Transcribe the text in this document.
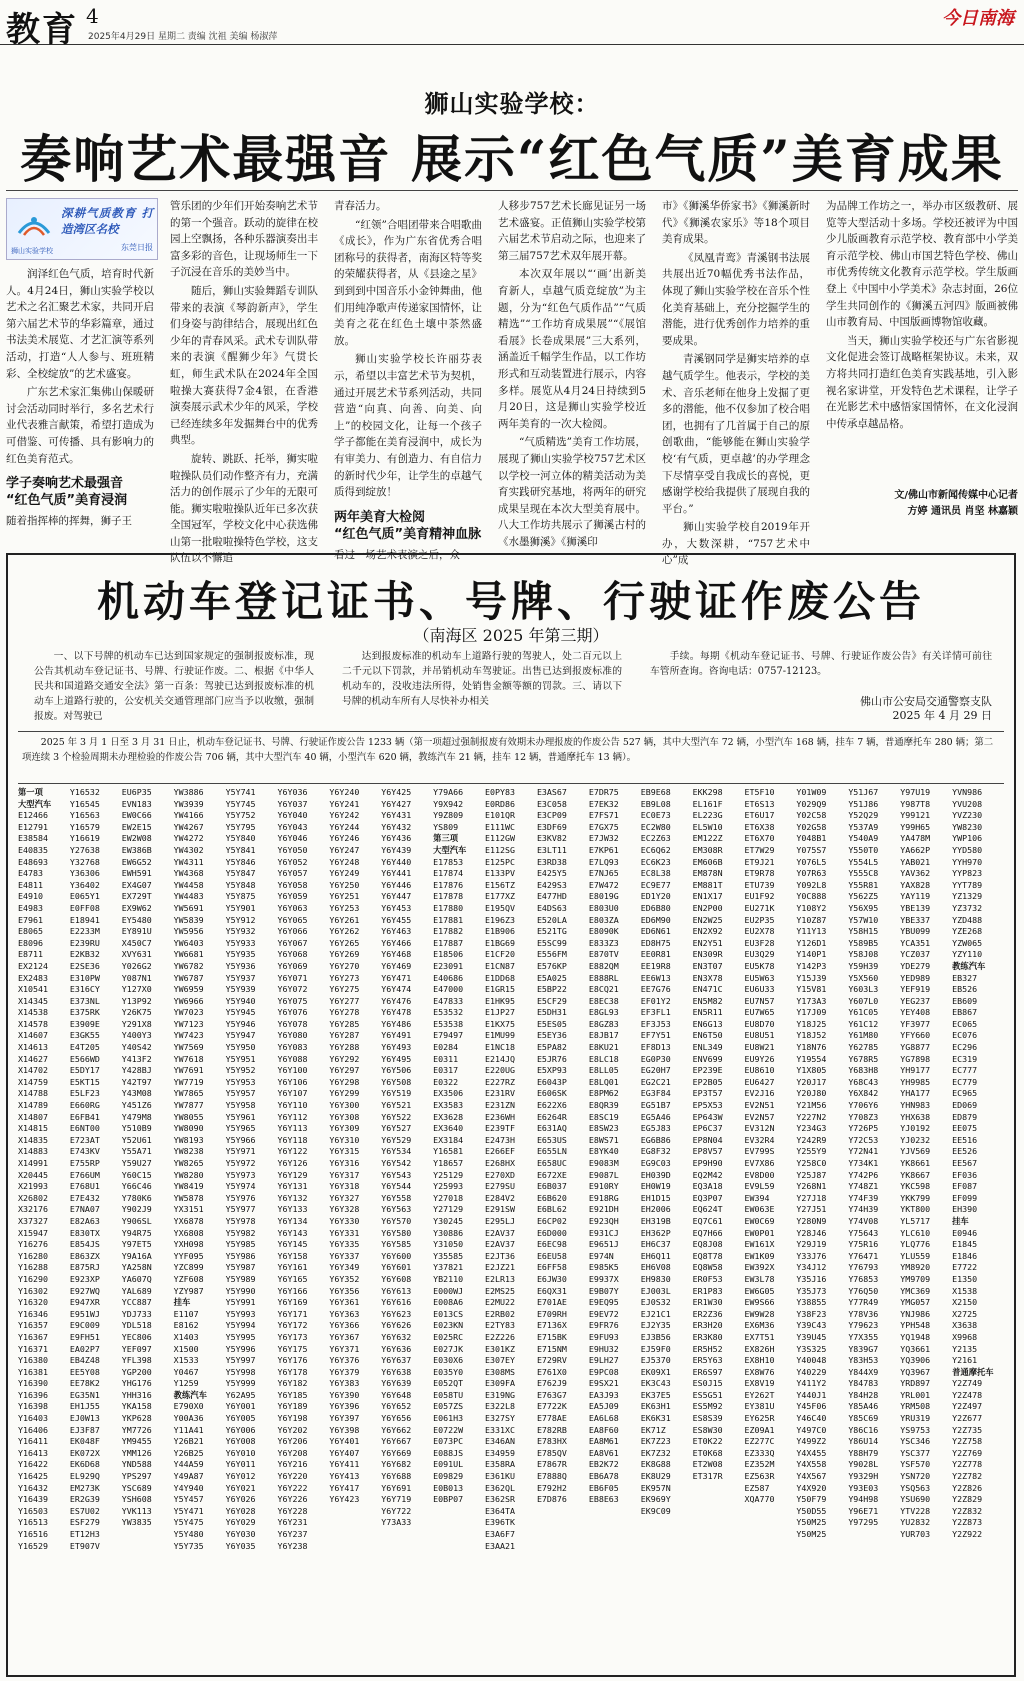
教育 4
2025年4月29日 星期二 责编 沈祖 美编 杨淑萍
今日南海
狮山实验学校：
奏响艺术最强音 展示“红色气质”美育成果
狮山实验学校
深耕气质教育 打造湾区名校
东莞日报

润泽红色气质，培育时代新人。4月24日，狮山实验学校以艺术之名汇聚艺术家，共同开启第六届艺术节的华彩篇章，通过书法美术展览、才艺汇演等系列活动，打造“人人参与、班班精彩、全校绽放”的艺术盛宴。

广东艺术家汇集佛山保暖研讨会活动同时举行，多名艺术行业代表雅言献策，希望打造成为可借鉴、可传播、具有影响力的红色美育范式。

学子奏响艺术最强音
“红色气质”美育浸润

随着指挥棒的挥舞，狮子王

管乐团的少年们开始奏响艺术节的第一个强音。跃动的旋律在校园上空飘扬，各种乐器演奏出丰富多彩的音色，让现场师生一下子沉浸在音乐的美妙当中。

随后，狮山实验舞蹈专训队带来的表演《琴韵新声》，学生们身姿与韵律结合，展现出红色少年的青春风采。武术专训队带来的表演《醒狮少年》气贯长虹，师生武术队在2024年全国啦操大赛获得7金4银，在香港演奏展示武术少年的风采，学校已经连续多年发掘舞台中的优秀典型。

旋转、跳跃、托举，狮实啦啦操队员们动作整齐有力，充满活力的创作展示了少年的无限可能。狮实啦啦操队近年已多次获全国冠军，学校文化中心获选佛山第一批啦啦操特色学校，这支队伍以不懈追

青春活力。

“红领”合唱团带来合唱歌曲《成长》，作为广东省优秀合唱团称号的获得者，南海区特等奖的荣耀获得者，从《县途之星》到到到中国音乐小金钟舞曲，他们用纯净歌声传递家国情怀，让美育之花在红色土壤中茶然盛放。

狮山实验学校长许丽芬表示，希望以丰富艺术节为契机，通过开展艺术节系列活动，共同营造“向真、向善、向美、向上”的校园文化，让每一个孩子学子都能在美育浸润中，成长为有审美力、有创造力、有自信力的新时代少年，让学生的卓越气质得到绽放！

两年美育大检阅
“红色气质”美育精神血脉

看过一场艺术表演之后，众

人移步757艺术长廊见证另一场艺术盛宴。正值狮山实验学校第六届艺术节启动之际，也迎来了第三届757艺术双年展开幕。

本次双年展以“‘画’出新美育新人，卓越气质竞绽放”为主题，分为“红色气质作品”“气质精选”“工作坊育成果展”“《展馆看展》长卷成果展”三大系列，涵盖近千幅学生作品，以工作坊形式和互动装置进行展示，内容多样。展览从4月24日持续到5月20日，这是狮山实验学校近两年美育的一次大检阅。

“气质精选”美育工作坊展，展现了狮山实验学校757艺术区以学校一河立体的精美活动为美育实践研究基地，将两年的研究成果呈现在本次大型美育展中。八大工作坊共展示了狮溪古村的《水墨狮溪》《狮溪印

市》《狮溪华侨家书》《狮溪新时代》《狮溪农家乐》等18个项目美育成果。

《凤凰青鸾》青溪钢书法展共展出近70幅优秀书法作品，体现了狮山实验学校在音乐个性化美育基础上，充分挖掘学生的潜能，进行优秀创作力培养的重要成果。

青溪钢同学是狮实培养的卓越气质学生。他表示，学校的美术、音乐老师在他身上发掘了更多的潜能，他不仅参加了校合唱团，也拥有了几首属于自己的原创歌曲，“能够能在狮山实验学校‘有气质，更卓越’的办学理念下尽情享受自我成长的喜悦，更感谢学校给我提供了展现自我的平台。”

狮山实验学校自2019年开办，大数深耕，“757艺术中心”成

为品牌工作坊之一，举办市区级教研、展览等大型活动十多场。学校还被评为中国少儿版画教育示范学校、教育部中小学美育示范学校、佛山市国艺特色学校、佛山市优秀传统文化教育示范学校。学生版画登上《中国中小学美术》杂志封面，26位学生共同创作的《狮溪五河四》版画被佛山市教育局、中国版画博物馆收藏。

当天，狮山实验学校还与广东省影视文化促进会签订战略框架协议。未来，双方将共同打造红色美育实践基地，引入影视名家讲堂，开发特色艺术课程，让学子在光影艺术中感悟家国情怀，在文化浸润中传承卓越品格。

文/佛山市新闻传媒中心记者
方婷 通讯员 肖坚 林嘉颖
机动车登记证书、号牌、行驶证作废公告
（南海区 2025 年第三期）

一、以下号牌的机动车已达到国家规定的强制报废标准，现公告其机动车登记证书、号牌、行驶证作废。二、根据《中华人民共和国道路交通安全法》第一百条：驾驶已达到报废标准的机动车上道路行驶的，公安机关交通管理部门应当予以收缴，强制报废。对驾驶已

达到报废标准的机动车上道路行驶的驾驶人，处二百元以上二千元以下罚款，并吊销机动车驾驶证。出售已达到报废标准的机动车的，没收违法所得，处销售金额等额的罚款。三、请以下号牌的机动车所有人尽快补办相关

手续。每期《机动车登记证书、号牌、行驶证作废公告》有关详情可前往车管所查询。咨询电话：0757-12123。

佛山市公安局交通警察支队
2025 年 4 月 29 日
2025 年 3 月 1 日至 3 月 31 日止，机动车登记证书、号牌、行驶证作废公告 1233 辆（第一项超过强制报废有效期未办理报废的作废公告 527 辆，其中大型汽车 72 辆，小型汽车 168 辆，挂车 7 辆，普通摩托车 280 辆；第二项连续 3 个检验周期未办理检验的作废公告 706 辆，其中大型汽车 40 辆，小型汽车 620 辆，教练汽车 21 辆，挂车 12 辆，普通摩托车 13 辆）。
第一项
大型汽车
E12466
E12791
E38584
E40835
E48693
E4783
E4811
E4910
E4983
E7961
E8065
E8096
E8711
EX2124
EX2483
X10541
X14345
X14538
X14578
X14607
X14613
X14627
X14702
X14759
X14788
X14789
X14807
X14815
X14835
X14883
X14991
X20445
X21993
X26802
X32176
X37327
X15947
Y16276
Y16280
Y16288
Y16290
Y16302
Y16320
Y16346
Y16357
Y16367
Y16371
Y16380
Y16381
Y16390
Y16396
Y16398
Y16403
Y16406
Y16411
Y16413
Y16422
Y16425
Y16432
Y16439
Y16503
Y16513
Y16516
Y16529
Y16532
Y16545
Y16563
Y16579
Y16619
Y27638
Y32768
Y36306
Y36402
E065Y1
E0FF08
E18941
E2233M
E239RU
E2KB32
E2SE36
E310PW
E316CY
E373NL
E375RK
E3909E
E3GK55
E4T205
E566WD
E5DY17
E5KT15
E5LF23
E660RG
E6FB41
E6NT00
E723AT
E743KV
E755RP
E766UM
E768U1
E7E432
E7NA07
E82A63
E830TX
E854JS
E863ZX
E875RJ
E923XP
E927WQ
E947XR
E951WJ
E9C009
E9FH51
EA02P7
EB4Z48
EE5Y08
EE78K2
EG35N1
EH1J55
EJ0W13
EJ3F87
EK048F
EK072X
EK6D68
EL929Q
EM273K
ER2G39
ES7U02
ESF279
ET12H3
ET907V
EU6P35
EVN183
EW0C66
EW2E15
EW2W08
EW386B
EW6G52
EWH591
EX4G07
EX729T
EX9W62
EY5480
EY891U
X450C7
XVY631
Y026G2
Y087N1
Y127X0
Y13P92
Y26K75
Y291X8
Y400Y3
Y40S42
Y413F2
Y428BJ
Y42T97
Y43M08
Y451Z6
Y479M8
Y510B9
Y52U61
Y55A71
Y59U27
Y60C15
Y66C46
Y780K6
Y902J9
Y906SL
Y94R75
Y97ET5
Y9A16A
YA258N
YA607Q
YAL689
YCC887
YDJ733
YDL518
YEC806
YEF097
YFL398
YGP200
YHG176
YHH316
YKA158
YKP628
YM7726
YM9455
YMM126
YND588
YPS297
YSC689
YSH608
YVK113
YW3835
YW3886
YW3939
YW4166
YW4267
YW4272
YW4302
YW4311
YW4368
YW4458
YW4483
YW5691
YW5839
YW5956
YW6403
YW6681
YW6782
YW6787
YW6959
YW6966
YW7023
YW7123
YW7423
YW7569
YW7618
YW7691
YW7719
YW7865
YW7877
YW8055
YW8090
YW8193
YW8238
YW8265
YW8280
YW8419
YW5878
YX3151
YX6878
YX6808
YXH098
YYF095
YZC899
YZF608
YZY987
挂车
E1107
E8162
X1403
X1500
X1533
Y0467
Y1259
教练汽车
E790X0
Y00A36
Y11A41
Y26B21
Y26B25
Y44A59
Y49A87
Y4Y940
Y5Y457
Y5Y471
Y5Y475
Y5Y480
Y5Y735
Y5Y741
Y5Y745
Y5Y752
Y5Y795
Y5Y840
Y5Y841
Y5Y846
Y5Y847
Y5Y848
Y5Y875
Y5Y901
Y5Y912
Y5Y932
Y5Y933
Y5Y935
Y5Y936
Y5Y937
Y5Y939
Y5Y940
Y5Y945
Y5Y946
Y5Y947
Y5Y950
Y5Y951
Y5Y952
Y5Y953
Y5Y957
Y5Y958
Y5Y961
Y5Y965
Y5Y966
Y5Y971
Y5Y972
Y5Y973
Y5Y974
Y5Y976
Y5Y977
Y5Y978
Y5Y982
Y5Y985
Y5Y986
Y5Y987
Y5Y989
Y5Y990
Y5Y991
Y5Y993
Y5Y994
Y5Y995
Y5Y996
Y5Y997
Y5Y998
Y5Y999
Y62A95
Y6Y001
Y6Y005
Y6Y006
Y6Y008
Y6Y010
Y6Y011
Y6Y012
Y6Y021
Y6Y026
Y6Y028
Y6Y029
Y6Y030
Y6Y035
Y6Y036
Y6Y037
Y6Y040
Y6Y043
Y6Y046
Y6Y050
Y6Y052
Y6Y057
Y6Y058
Y6Y059
Y6Y063
Y6Y065
Y6Y066
Y6Y067
Y6Y068
Y6Y069
Y6Y071
Y6Y072
Y6Y075
Y6Y076
Y6Y078
Y6Y080
Y6Y083
Y6Y088
Y6Y100
Y6Y106
Y6Y107
Y6Y110
Y6Y112
Y6Y113
Y6Y118
Y6Y122
Y6Y126
Y6Y129
Y6Y131
Y6Y132
Y6Y133
Y6Y134
Y6Y143
Y6Y145
Y6Y158
Y6Y161
Y6Y165
Y6Y166
Y6Y169
Y6Y171
Y6Y172
Y6Y173
Y6Y175
Y6Y176
Y6Y178
Y6Y182
Y6Y185
Y6Y189
Y6Y198
Y6Y202
Y6Y206
Y6Y208
Y6Y216
Y6Y220
Y6Y222
Y6Y226
Y6Y228
Y6Y231
Y6Y237
Y6Y238
Y6Y240
Y6Y241
Y6Y242
Y6Y244
Y6Y246
Y6Y247
Y6Y248
Y6Y249
Y6Y250
Y6Y251
Y6Y253
Y6Y261
Y6Y262
Y6Y265
Y6Y269
Y6Y270
Y6Y273
Y6Y275
Y6Y277
Y6Y278
Y6Y285
Y6Y287
Y6Y288
Y6Y292
Y6Y297
Y6Y298
Y6Y299
Y6Y300
Y6Y308
Y6Y309
Y6Y310
Y6Y315
Y6Y316
Y6Y317
Y6Y318
Y6Y327
Y6Y328
Y6Y330
Y6Y331
Y6Y335
Y6Y337
Y6Y349
Y6Y352
Y6Y356
Y6Y361
Y6Y363
Y6Y366
Y6Y367
Y6Y371
Y6Y376
Y6Y379
Y6Y383
Y6Y390
Y6Y396
Y6Y397
Y6Y398
Y6Y401
Y6Y407
Y6Y411
Y6Y413
Y6Y417
Y6Y423
Y6Y425
Y6Y427
Y6Y431
Y6Y432
Y6Y436
Y6Y439
Y6Y440
Y6Y441
Y6Y446
Y6Y447
Y6Y453
Y6Y455
Y6Y463
Y6Y466
Y6Y468
Y6Y469
Y6Y471
Y6Y474
Y6Y476
Y6Y478
Y6Y486
Y6Y491
Y6Y493
Y6Y495
Y6Y506
Y6Y508
Y6Y519
Y6Y521
Y6Y522
Y6Y527
Y6Y529
Y6Y534
Y6Y542
Y6Y543
Y6Y544
Y6Y558
Y6Y563
Y6Y570
Y6Y580
Y6Y585
Y6Y600
Y6Y601
Y6Y608
Y6Y613
Y6Y616
Y6Y623
Y6Y626
Y6Y632
Y6Y636
Y6Y637
Y6Y638
Y6Y639
Y6Y648
Y6Y652
Y6Y656
Y6Y662
Y6Y667
Y6Y669
Y6Y682
Y6Y688
Y6Y691
Y6Y719
Y6Y722
Y73A33
Y79A66
Y9X942
Y9Z809
YS809
第三项
大型汽车
E17853
E17874
E17876
E17878
E17880
E17881
E17882
E17887
E18506
E23091
E40686
E47000
E47833
E53532
E53538
E79497
E0284
E0311
E0317
E0322
EX3506
EX3583
EX3628
EX3640
EX3184
Y16581
Y18657
Y25129
Y25993
Y27018
Y27129
Y30245
Y30886
Y31050
Y35585
Y37821
YB2110
E000WJ
E008A6
E013CS
E023KN
E025RC
E027JK
E030X6
E035Y0
E052QT
E058TU
E057ZS
E061H3
E0722W
E073PC
E088JS
E091UL
E09829
E0B013
E0BP07
E0PY83
E0RD86
E101QR
E111WC
E112GW
E112SG
E125PC
E133PV
E156TZ
E177XZ
E195QV
E196Z3
E1B906
E1BG69
E1CF20
E1CN87
E1DD68
E1GR15
E1HK95
E1JP27
E1KX75
E1MU99
E1NC18
E214JQ
E220UG
E227RZ
E231RV
E231ZN
E236WH
E239TF
E2473H
E266EF
E268HX
E270XD
E279SU
E284V2
E291SW
E295LJ
E2AV37
E2AV37
E2JT36
E2JZ21
E2LR13
E2MS25
E2MU22
E2RB02
E2TY83
E2Z226
E301KZ
E307EY
E308MS
E309FA
E319NG
E322L8
E327SY
E331XC
E346AN
E34959
E358RA
E361KU
E362QL
E362SR
E364TA
E396TK
E3A6F7
E3AA21
E3AS67
E3C058
E3CP09
E3DF69
E3KV82
E3LT11
E3RD38
E425Y5
E429S3
E477HD
E4DS63
E520LA
E521TG
E5SC99
E556FM
E576KP
E5A025
E5BP22
E5CF29
E5DH31
E5ES05
E5EY36
E5PA82
E5JR76
E5XP93
E6043P
E606SK
E622X6
E6264R
E631AQ
E653US
E655LN
E658UC
E672XE
E6B037
E6B620
E6BL62
E6CP02
E6D000
E6EC98
E6EU58
E6FF58
E6JW30
E6QX31
E701AE
E709RH
E7136X
E715BK
E715NM
E729RV
E761X0
E762J9
E763G7
E7722K
E778AE
E782RB
E783HX
E785QV
E7867R
E7888Q
E792H2
E7D876
E7DR75
E7EK32
E7FS71
E7GX75
E7JW32
E7KP61
E7LQ93
E7NJ65
E7W472
E8019G
E803U0
E803ZA
E8090K
E833Z3
E870TV
E882QM
E888RL
E8CQ21
E8EC38
E8GL93
E8GZ83
E8JB17
E8KU21
E8LC18
E8LL05
E8LQ01
E8PM62
E8QR39
E8SC19
E8SW23
E8WS71
E8YK40
E9083M
E9087L
E910RY
E918RG
E921DH
E923QH
E931CJ
E9651J
E974N
E985K5
E9937X
E9B07Y
E9EQ95
E9EV72
E9FR76
E9FU93
E9HU32
E9LH27
E9PC08
E9SX21
EA3J93
EA5J09
EA6L68
EA8F60
EA8M61
EA8V61
EB2K72
EB6A78
EB6F05
EB8E63
EB9E68
EB9L08
EC0E73
EC2W80
EC2Z63
EC6Q62
EC6K23
EC8L38
EC9E77
ED1Y20
ED6B80
ED6M90
ED6N61
ED8H75
EE0R81
EE19R8
EE6W13
EE7G76
EF01Y2
EF3FL1
EF3J53
EF7Y51
EF8D13
EG0P30
EG20H7
EG2C21
EG3F84
EG51B7
EG5A46
EG5J83
EG6B86
EG8F32
EG9C03
EH039D
EH0W19
EH1D15
EH2006
EH319B
EH362P
EH6C37
EH6Q11
EH6V08
EH9830
EJ003L
EJ0S32
EJ21C1
EJ2Y35
EJ3B56
EJ59F0
EJ5370
EK09X1
EK3C43
EK37E5
EK63H1
EK6K31
EK71Z
EK7Z23
EK7Z32
EK8G88
EK8U29
EK957N
EK969Y
EK9C09
EKK298
EL161F
EL223G
EL5W10
EM122Z
EM308R
EM606B
EM878N
EM881T
EN1X17
EN2P00
EN2W25
EN2X92
EN2Y51
EN309R
EN3T07
EN3X78
EN471C
EN5M82
EN5R11
EN6G13
EN6T50
ENL349
ENV699
EP239E
EP2B05
EP3T57
EP5X53
EP643W
EP6C37
EP8N04
EP8V57
EP9H90
EQ2M42
EQ3A18
EQ3P07
EQ624T
EQ7C61
EQ7H66
EQ8J08
EQ8T78
EQ8W58
ER0F53
ER1P83
ER1W30
ER2Z36
ER3H20
ER3K80
ER5H52
ER5Y63
ER6S97
ES0J15
ES5G51
ES5M92
ES8S39
ES8W30
ET0K22
ET0K68
ET2W08
ET317R
ET5F10
ET6S13
ET6U17
ET6X38
ET6X70
ET7W29
ET9J21
ET9R78
ETU739
EU1F92
EU271K
EU2P35
EU2X78
EU3F28
EU3Q29
EU5K78
EU5W63
EU6U33
EU7N57
EU7W65
EU8D70
EU8U51
EU8W21
EU9Y26
EU8610
EU6427
EV2J16
EV2N51
EV2N57
EV312N
EV32R4
EV799S
EV7X86
EV8D00
EV9L59
EW394
EW063E
EW0C69
EW0P01
EW161X
EW1K09
EW392X
EW3L78
EW6G05
EW9S66
EW9W28
EX6M36
EX7T51
EX826H
EX8H10
EX8W76
EX8V19
EY262T
EY381U
EY625R
EZ09A1
EZ277C
EZ333Q
EZ352M
EZ563R
EZ587
XQA770
Y01W09
Y029Q9
Y02C58
Y02G58
Y048B1
Y075S7
Y076L5
Y07R63
Y092L8
Y0C888
Y108Y2
Y10Z87
Y11Y13
Y126D1
Y140P1
Y142P3
Y15J39
Y15V81
Y173A3
Y17J09
Y18J25
Y18J52
Y18N76
Y19554
Y1X805
Y20J17
Y20J80
Y21M56
Y227N2
Y234G3
Y242R9
Y255Y9
Y258C0
Y25J87
Y268N1
Y27J18
Y27J51
Y280N9
Y28J46
Y29J19
Y33J76
Y34J12
Y35J16
Y35J73
Y38855
Y38F23
Y39C43
Y39U45
Y3S325
Y40048
Y40229
Y411Y2
Y440J1
Y45F06
Y46C40
Y497C0
Y499Z2
Y4X455
Y4X558
Y4X567
Y4X920
Y50F79
Y50D55
Y50M25
Y50M25
Y51J67
Y51J86
Y52Q29
Y537A9
Y540A9
Y550T0
Y554L5
Y555C8
Y55R81
Y562Z5
Y56X95
Y57W10
Y58H15
Y589B5
Y58J08
Y59H39
Y5X560
Y603L3
Y607L0
Y61C05
Y61C12
Y61M80
Y62785
Y678R5
Y683H8
Y68C43
Y6X842
Y706Y6
Y708Z3
Y726P5
Y72C53
Y72N41
Y734K1
Y742P6
Y748Z1
Y74F39
Y74H39
Y74V08
Y75643
Y75R16
Y76471
Y76793
Y76853
Y76Q50
Y77R49
Y78V36
Y79623
Y7X355
Y839G7
Y83H53
Y844X9
Y84783
Y84H28
Y85A46
Y85C69
Y86C16
Y86U14
Y88H79
Y9028L
Y9329H
Y93E03
Y94H98
Y96E71
Y97295
Y97U19
Y987T8
Y99121
Y99H65
YA478M
YA662P
YAB021
YAV362
YAX828
YAY119
YBE139
YBE337
YBU099
YCA351
YCZ037
YDE279
YED989
YEF919
YEG237
YEY408
YF3977
YFY660
YG8877
YG7898
YH9177
YH9985
YHA177
YHN983
YHX638
YJ0192
YJ0232
YJV569
YK8661
YK8667
YKC598
YKK799
YKT800
YL5717
YLC610
YLQ776
YLU559
YM8920
YM9709
YMC369
YMG057
YNJ986
YPH548
YQ1948
YQ3661
YQ3906
YQ3967
YRD897
YRL001
YRM508
YRU319
YS9753
YSC346
YSC377
YSF570
YSN720
YSQ563
YSU690
YTV228
YU2832
YUR703
YVN986
YVU208
YVZ230
YW8230
YWP106
YYD580
YYH970
YYP823
YYT789
YZ1329
YZ3732
YZD488
YZE268
YZW065
YZY110
教练汽车
EB327
EB526
EB609
EB867
EC065
EC076
EC296
EC319
EC777
EC779
EC965
ED069
ED879
EE075
EE516
EE526
EE567
EF036
EF087
EF099
EH390
挂车
E0946
E1845
E1846
E7722
E1350
X1538
X2150
X2725
X3638
X9968
Y2135
Y2161
普通摩托车
Y2Z749
Y2Z478
Y2Z497
Y2Z677
Y2Z735
Y2Z758
Y2Z769
Y2Z778
Y2Z782
Y2Z826
Y2Z829
Y2Z832
Y2Z873
Y2Z922
